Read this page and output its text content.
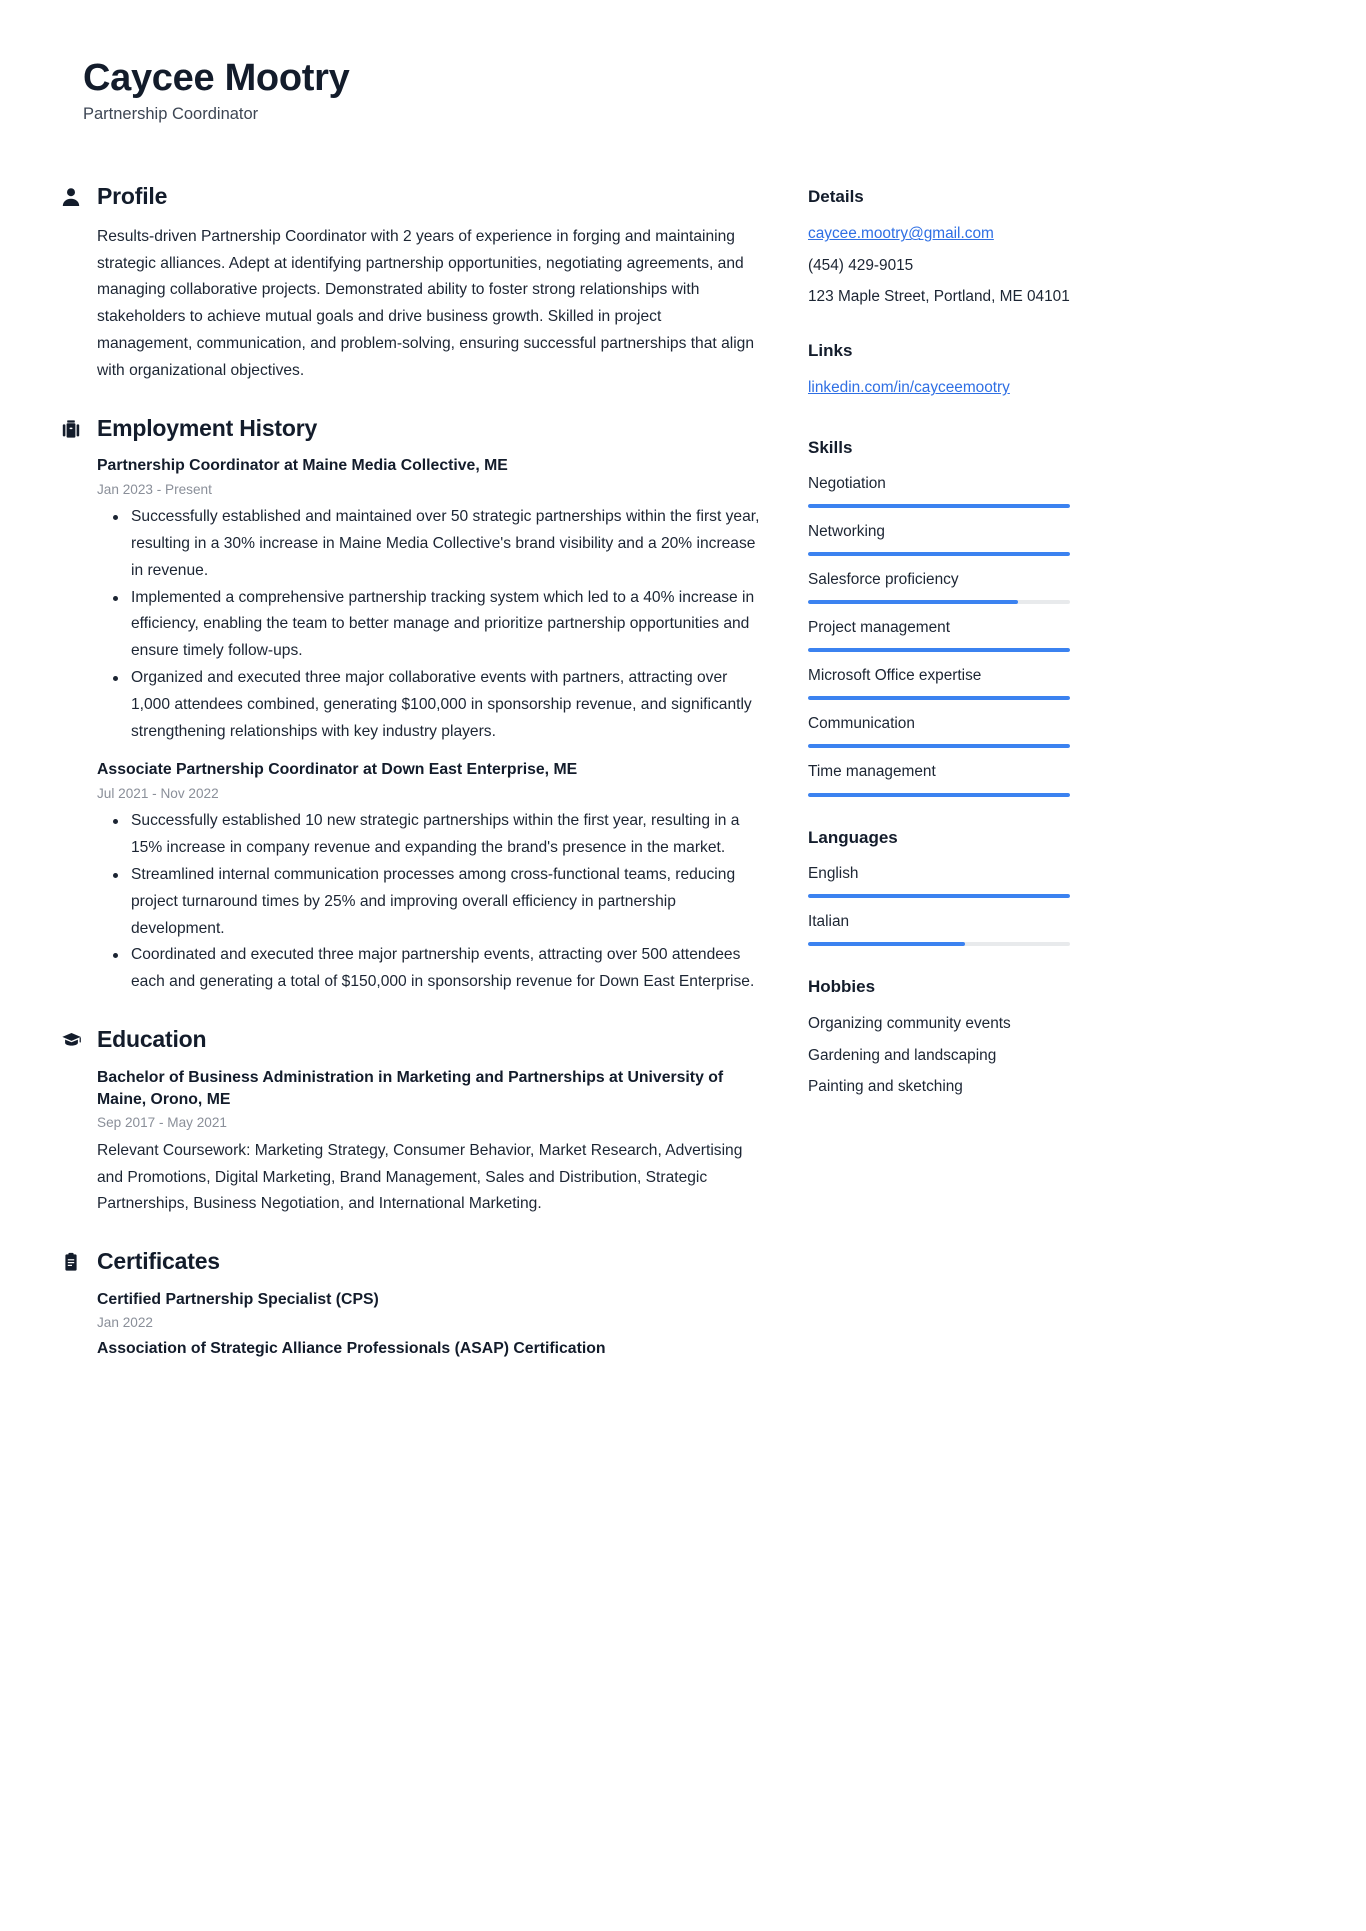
Caycee Mootry
Partnership Coordinator
Profile
Results-driven Partnership Coordinator with 2 years of experience in forging and maintaining strategic alliances. Adept at identifying partnership opportunities, negotiating agreements, and managing collaborative projects. Demonstrated ability to foster strong relationships with stakeholders to achieve mutual goals and drive business growth. Skilled in project management, communication, and problem-solving, ensuring successful partnerships that align with organizational objectives.
Employment History
Partnership Coordinator at Maine Media Collective, ME
Jan 2023 - Present
Successfully established and maintained over 50 strategic partnerships within the first year, resulting in a 30% increase in Maine Media Collective's brand visibility and a 20% increase in revenue.
Implemented a comprehensive partnership tracking system which led to a 40% increase in efficiency, enabling the team to better manage and prioritize partnership opportunities and ensure timely follow-ups.
Organized and executed three major collaborative events with partners, attracting over 1,000 attendees combined, generating $100,000 in sponsorship revenue, and significantly strengthening relationships with key industry players.
Associate Partnership Coordinator at Down East Enterprise, ME
Jul 2021 - Nov 2022
Successfully established 10 new strategic partnerships within the first year, resulting in a 15% increase in company revenue and expanding the brand's presence in the market.
Streamlined internal communication processes among cross-functional teams, reducing project turnaround times by 25% and improving overall efficiency in partnership development.
Coordinated and executed three major partnership events, attracting over 500 attendees each and generating a total of $150,000 in sponsorship revenue for Down East Enterprise.
Education
Bachelor of Business Administration in Marketing and Partnerships at University of Maine, Orono, ME
Sep 2017 - May 2021
Relevant Coursework: Marketing Strategy, Consumer Behavior, Market Research, Advertising and Promotions, Digital Marketing, Brand Management, Sales and Distribution, Strategic Partnerships, Business Negotiation, and International Marketing.
Certificates
Certified Partnership Specialist (CPS)
Jan 2022
Association of Strategic Alliance Professionals (ASAP) Certification
Details
caycee.mootry@gmail.com
(454) 429-9015
123 Maple Street, Portland, ME 04101
Links
linkedin.com/in/cayceemootry
Skills
Negotiation
Networking
Salesforce proficiency
Project management
Microsoft Office expertise
Communication
Time management
Languages
English
Italian
Hobbies
Organizing community events
Gardening and landscaping
Painting and sketching
